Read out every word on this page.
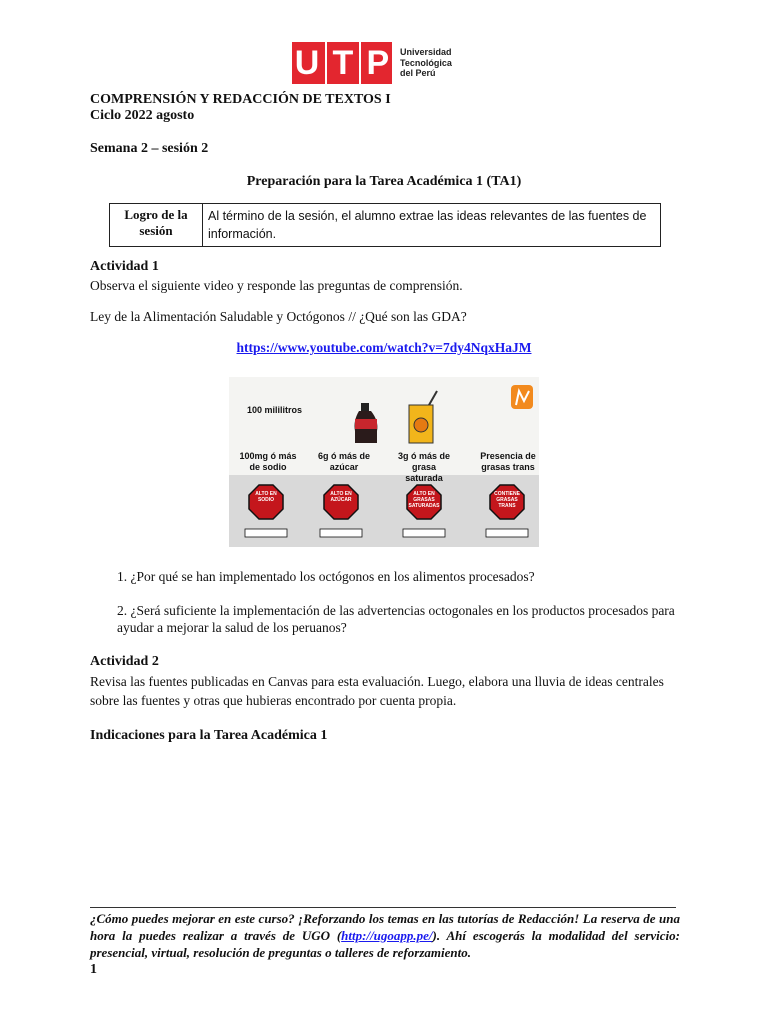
U T P Universidad
Tecnológica
del Perú
COMPRENSIÓN Y REDACCIÓN DE TEXTOS I
Ciclo 2022 agosto
Semana 2 – sesión 2
Preparación para la Tarea Académica 1 (TA1)
Logro de la sesión	Al término de la sesión, el alumno extrae las ideas relevantes de las fuentes de información.
Actividad 1
Observa el siguiente video y responde las preguntas de comprensión.
Ley de la Alimentación Saludable y Octógonos // ¿Qué son las GDA?
https://www.youtube.com/watch?v=7dy4NqxHaJM
100 mililitros
100mg ó más de sodio
6g ó más de azúcar
3g ó más de grasa saturada
Presencia de grasas trans
ALTO EN SODIO
ALTO EN AZÚCAR
ALTO EN GRASAS SATURADAS
CONTIENE GRASAS TRANS
1. ¿Por qué se han implementado los octógonos en los alimentos procesados?
2. ¿Será suficiente la implementación de las advertencias octogonales en los productos procesados para ayudar a mejorar la salud de los peruanos?
Actividad 2
Revisa las fuentes publicadas en Canvas para esta evaluación. Luego, elabora una lluvia de ideas centrales sobre las fuentes y otras que hubieras encontrado por cuenta propia.
Indicaciones para la Tarea Académica 1
¿Cómo puedes mejorar en este curso? ¡Reforzando los temas en las tutorías de Redacción! La reserva de una hora la puedes realizar a través de UGO (http://ugoapp.pe/). Ahí escogerás la modalidad del servicio: presencial, virtual, resolución de preguntas o talleres de reforzamiento.
1
